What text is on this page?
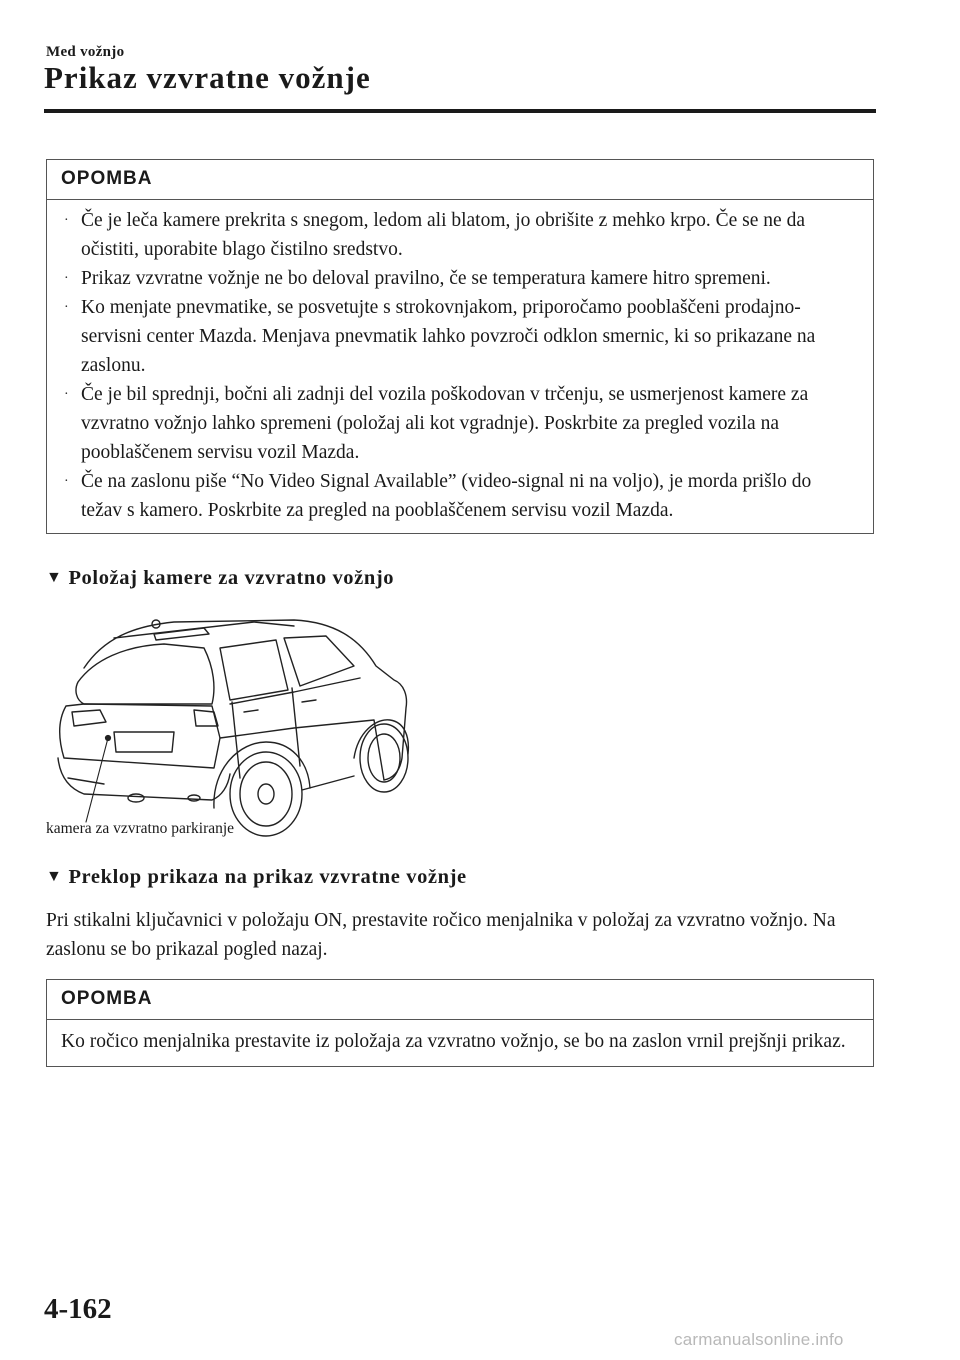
Med vožnjo
Prikaz vzvratne vožnje
OPOMBA
· Če je leča kamere prekrita s snegom, ledom ali blatom, jo obrišite z mehko krpo. Če se ne da očistiti, uporabite blago čistilno sredstvo.
· Prikaz vzvratne vožnje ne bo deloval pravilno, če se temperatura kamere hitro spremeni.
· Ko menjate pnevmatike, se posvetujte s strokovnjakom, priporočamo pooblaščeni prodajno-servisni center Mazda. Menjava pnevmatik lahko povzroči odklon smernic, ki so prikazane na zaslonu.
· Če je bil sprednji, bočni ali zadnji del vozila poškodovan v trčenju, se usmerjenost kamere za vzvratno vožnjo lahko spremeni (položaj ali kot vgradnje). Poskrbite za pregled vozila na pooblaščenem servisu vozil Mazda.
· Če na zaslonu piše “No Video Signal Available” (video-signal ni na voljo), je morda prišlo do težav s kamero. Poskrbite za pregled na pooblaščenem servisu vozil Mazda.
▼ Položaj kamere za vzvratno vožnjo
kamera za vzvratno parkiranje
▼ Preklop prikaza na prikaz vzvratne vožnje
Pri stikalni ključavnici v položaju ON, prestavite ročico menjalnika v položaj za vzvratno vožnjo. Na zaslonu se bo prikazal pogled nazaj.
OPOMBA
Ko ročico menjalnika prestavite iz položaja za vzvratno vožnjo, se bo na zaslon vrnil prejšnji prikaz.
4-162
carmanualsonline.info
